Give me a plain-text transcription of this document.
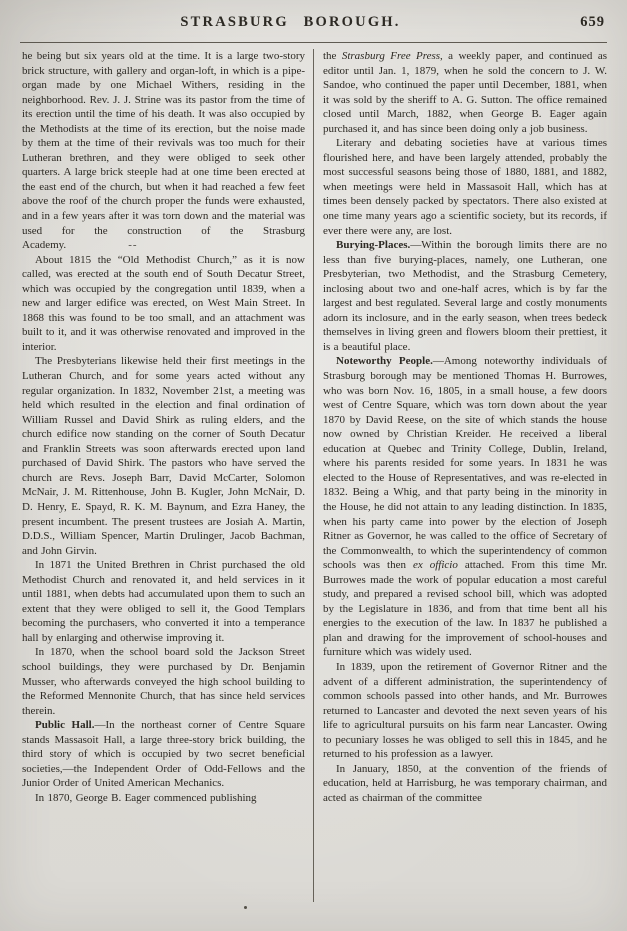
STRASBURG BOROUGH.	659

he being but six years old at the time. It is a large two-story brick structure, with gallery and organ-loft, in which is a pipe-organ made by one Michael Withers, residing in the neighborhood. Rev. J. J. Strine was its pastor from the time of its erection until the time of his death. It was also occupied by the Methodists at the time of its erection, but the noise made by them at the time of their revivals was too much for their Lutheran brethren, and they were obliged to seek other quarters. A large brick steeple had at one time been erected at the east end of the church, but when it had reached a few feet above the roof of the church proper the funds were exhausted, and in a few years after it was torn down and the material was used for the construction of the Strasburg Academy.	--

About 1815 the “Old Methodist Church,” as it is now called, was erected at the south end of South Decatur Street, which was occupied by the congregation until 1839, when a new and larger edifice was erected, on West Main Street. In 1868 this was found to be too small, and an attachment was built to it, and it was otherwise renovated and improved in the interior.

The Presbyterians likewise held their first meetings in the Lutheran Church, and for some years acted without any regular organization. In 1832, November 21st, a meeting was held which resulted in the election and final ordination of William Russel and David Shirk as ruling elders, and the church edifice now standing on the corner of South Decatur and Franklin Streets was soon afterwards erected upon land purchased of David Shirk. The pastors who have served the church are Revs. Joseph Barr, David McCarter, Solomon McNair, J. M. Rittenhouse, John B. Kugler, John McNair, D. D. Henry, E. Spayd, R. K. M. Baynum, and Ezra Haney, the present incumbent. The present trustees are Josiah A. Martin, D.D.S., William Spencer, Martin Drulinger, Jacob Bachman, and John Girvin.

In 1871 the United Brethren in Christ purchased the old Methodist Church and renovated it, and held services in it until 1881, when debts had accumulated upon them to such an extent that they were obliged to sell it, the Good Templars becoming the purchasers, who converted it into a temperance hall by enlarging and otherwise improving it.

In 1870, when the school board sold the Jackson Street school buildings, they were purchased by Dr. Benjamin Musser, who afterwards conveyed the high school building to the Reformed Mennonite Church, that has since held services therein.

Public Hall.—In the northeast corner of Centre Square stands Massasoit Hall, a large three-story brick building, the third story of which is occupied by two secret beneficial societies,—the Independent Order of Odd-Fellows and the Junior Order of United American Mechanics.

In 1870, George B. Eager commenced publishing

the Strasburg Free Press, a weekly paper, and continued as editor until Jan. 1, 1879, when he sold the concern to J. W. Sandoe, who continued the paper until December, 1881, when it was sold by the sheriff to A. G. Sutton. The office remained closed until March, 1882, when George B. Eager again purchased it, and has since been doing only a job business.

Literary and debating societies have at various times flourished here, and have been largely attended, probably the most successful seasons being those of 1880, 1881, and 1882, when meetings were held in Massasoit Hall, which has at times been densely packed by spectators. There also existed at one time many years ago a scientific society, but its records, if ever there were any, are lost.

Burying-Places.—Within the borough limits there are no less than five burying-places, namely, one Lutheran, one Presbyterian, two Methodist, and the Strasburg Cemetery, inclosing about two and one-half acres, which is by far the largest and best regulated. Several large and costly monuments adorn its inclosure, and in the early season, when trees bedeck themselves in living green and flowers bloom their prettiest, it is a beautiful place.

Noteworthy People.—Among noteworthy individuals of Strasburg borough may be mentioned Thomas H. Burrowes, who was born Nov. 16, 1805, in a small house, a few doors west of Centre Square, which was torn down about the year 1870 by David Reese, on the site of which stands the house now owned by Christian Kreider. He received a liberal education at Quebec and Trinity College, Dublin, Ireland, where his parents resided for some years. In 1831 he was elected to the House of Representatives, and was re-elected in 1832. Being a Whig, and that party being in the minority in the House, he did not attain to any leading distinction. In 1835, when his party came into power by the election of Joseph Ritner as Governor, he was called to the office of Secretary of the Commonwealth, to which the superintendency of common schools was then ex officio attached. From this time Mr. Burrowes made the work of popular education a most careful study, and prepared a revised school bill, which was adopted by the Legislature in 1836, and from that time bent all his energies to the execution of the law. In 1837 he published a plan and drawing for the improvement of school-houses and furniture which was widely used.

In 1839, upon the retirement of Governor Ritner and the advent of a different administration, the superintendency of common schools passed into other hands, and Mr. Burrowes returned to Lancaster and devoted the next seven years of his life to agricultural pursuits on his farm near Lancaster. Owing to pecuniary losses he was obliged to sell this in 1845, and he returned to his profession as a lawyer.

In January, 1850, at the convention of the friends of education, held at Harrisburg, he was temporary chairman, and acted as chairman of the committee
